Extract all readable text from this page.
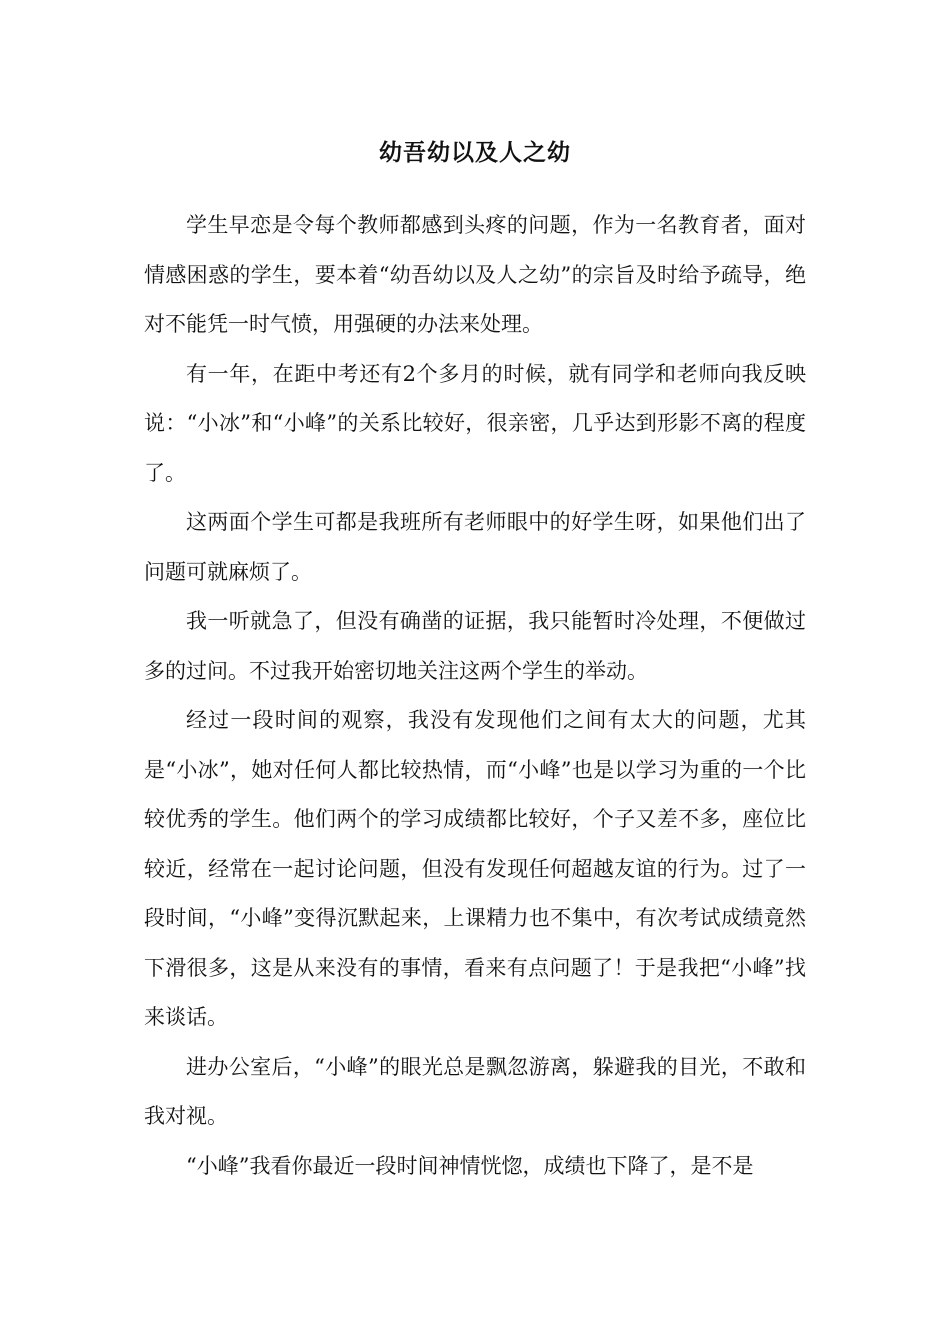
幼吾幼以及人之幼

学生早恋是令每个教师都感到头疼的问题，作为一名教育者，面对情感困惑的学生，要本着“幼吾幼以及人之幼”的宗旨及时给予疏导，绝对不能凭一时气愤，用强硬的办法来处理。

有一年，在距中考还有2个多月的时候，就有同学和老师向我反映说：“小冰”和“小峰”的关系比较好，很亲密，几乎达到形影不离的程度了。

这两面个学生可都是我班所有老师眼中的好学生呀，如果他们出了问题可就麻烦了。

我一听就急了，但没有确凿的证据，我只能暂时冷处理，不便做过多的过问。不过我开始密切地关注这两个学生的举动。

经过一段时间的观察，我没有发现他们之间有太大的问题，尤其是“小冰”，她对任何人都比较热情，而“小峰”也是以学习为重的一个比较优秀的学生。他们两个的学习成绩都比较好，个子又差不多，座位比较近，经常在一起讨论问题，但没有发现任何超越友谊的行为。过了一段时间，“小峰”变得沉默起来，上课精力也不集中，有次考试成绩竟然下滑很多，这是从来没有的事情，看来有点问题了！于是我把“小峰”找来谈话。

进办公室后，“小峰”的眼光总是飘忽游离，躲避我的目光，不敢和我对视。

“小峰”我看你最近一段时间神情恍惚，成绩也下降了，是不是
